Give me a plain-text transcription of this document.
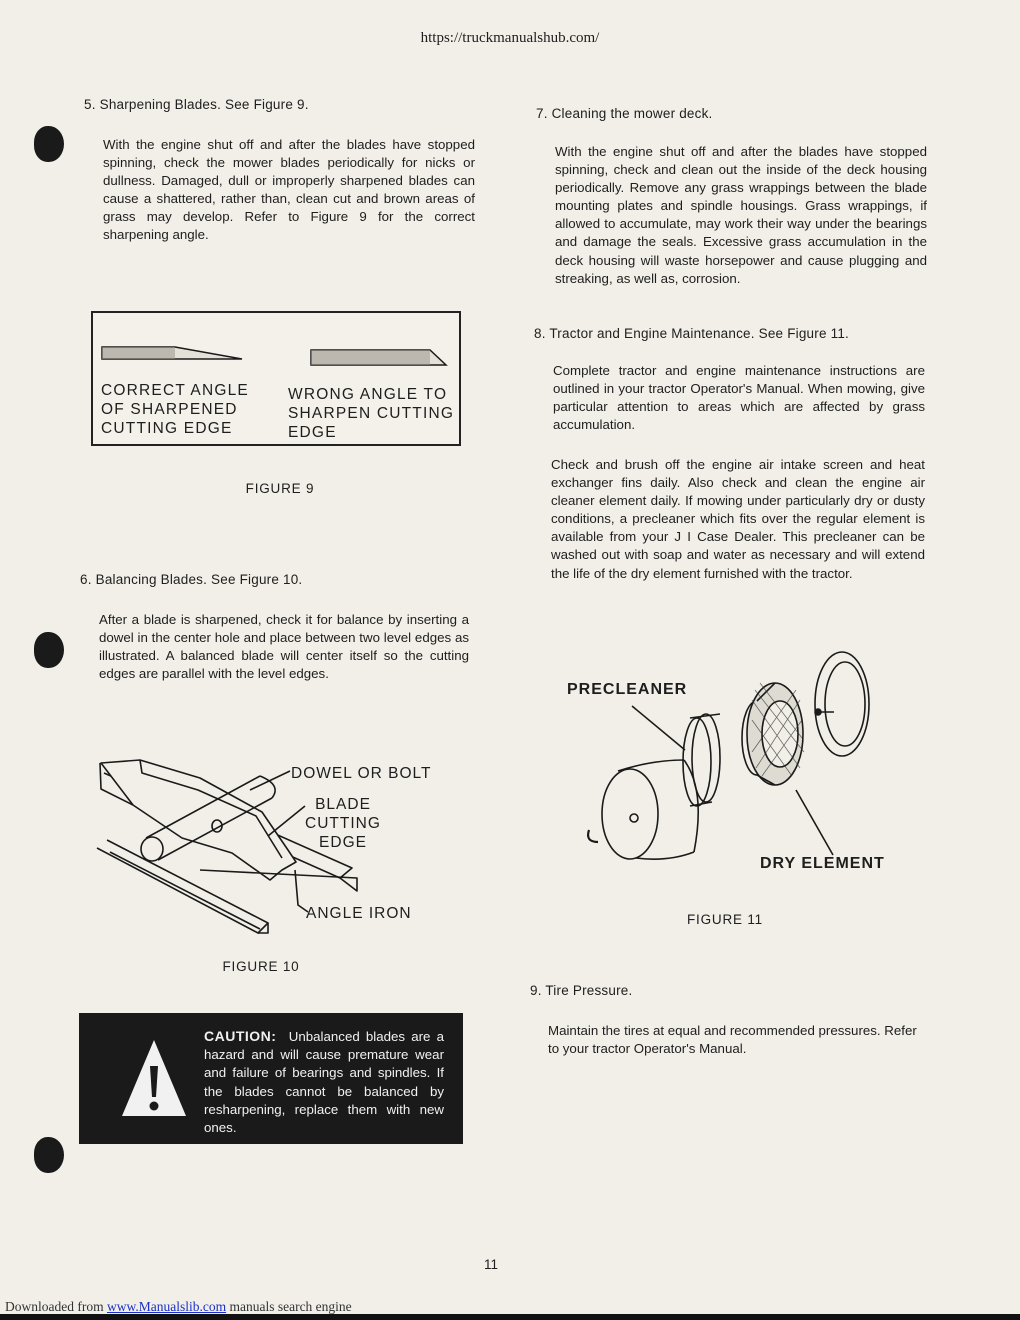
https://truckmanualshub.com/
5. Sharpening Blades. See Figure 9.
With the engine shut off and after the blades have stopped spinning, check the mower blades periodically for nicks or dullness. Damaged, dull or improperly sharpened blades can cause a shattered, rather than, clean cut and brown areas of grass may develop. Refer to Figure 9 for the correct sharpening angle.
CORRECT ANGLE
OF SHARPENED
CUTTING EDGE
WRONG ANGLE TO
SHARPEN CUTTING
EDGE
FIGURE 9
6. Balancing Blades. See Figure 10.
After a blade is sharpened, check it for balance by inserting a dowel in the center hole and place between two level edges as illustrated. A balanced blade will center itself so the cutting edges are parallel with the level edges.
DOWEL OR BOLT
BLADE
CUTTING
EDGE
ANGLE IRON
FIGURE 10
CAUTION: Unbalanced blades are a hazard and will cause premature wear and failure of bearings and spindles. If the blades cannot be balanced by resharpening, replace them with new ones.
7. Cleaning the mower deck.
With the engine shut off and after the blades have stopped spinning, check and clean out the inside of the deck housing periodically. Remove any grass wrappings between the blade mounting plates and spindle housings. Grass wrappings, if allowed to accumulate, may work their way under the bearings and damage the seals. Excessive grass accumulation in the deck housing will waste horsepower and cause plugging and streaking, as well as, corrosion.
8. Tractor and Engine Maintenance. See Figure 11.
Complete tractor and engine maintenance instructions are outlined in your tractor Operator's Manual. When mowing, give particular attention to areas which are affected by grass accumulation.
Check and brush off the engine air intake screen and heat exchanger fins daily. Also check and clean the engine air cleaner element daily. If mowing under particularly dry or dusty conditions, a precleaner which fits over the regular element is available from your J I Case Dealer. This precleaner can be washed out with soap and water as necessary and will extend the life of the dry element furnished with the tractor.
PRECLEANER
DRY ELEMENT
FIGURE 11
9. Tire Pressure.
Maintain the tires at equal and recommended pressures. Refer to your tractor Operator's Manual.
11
Downloaded from www.Manualslib.com manuals search engine
